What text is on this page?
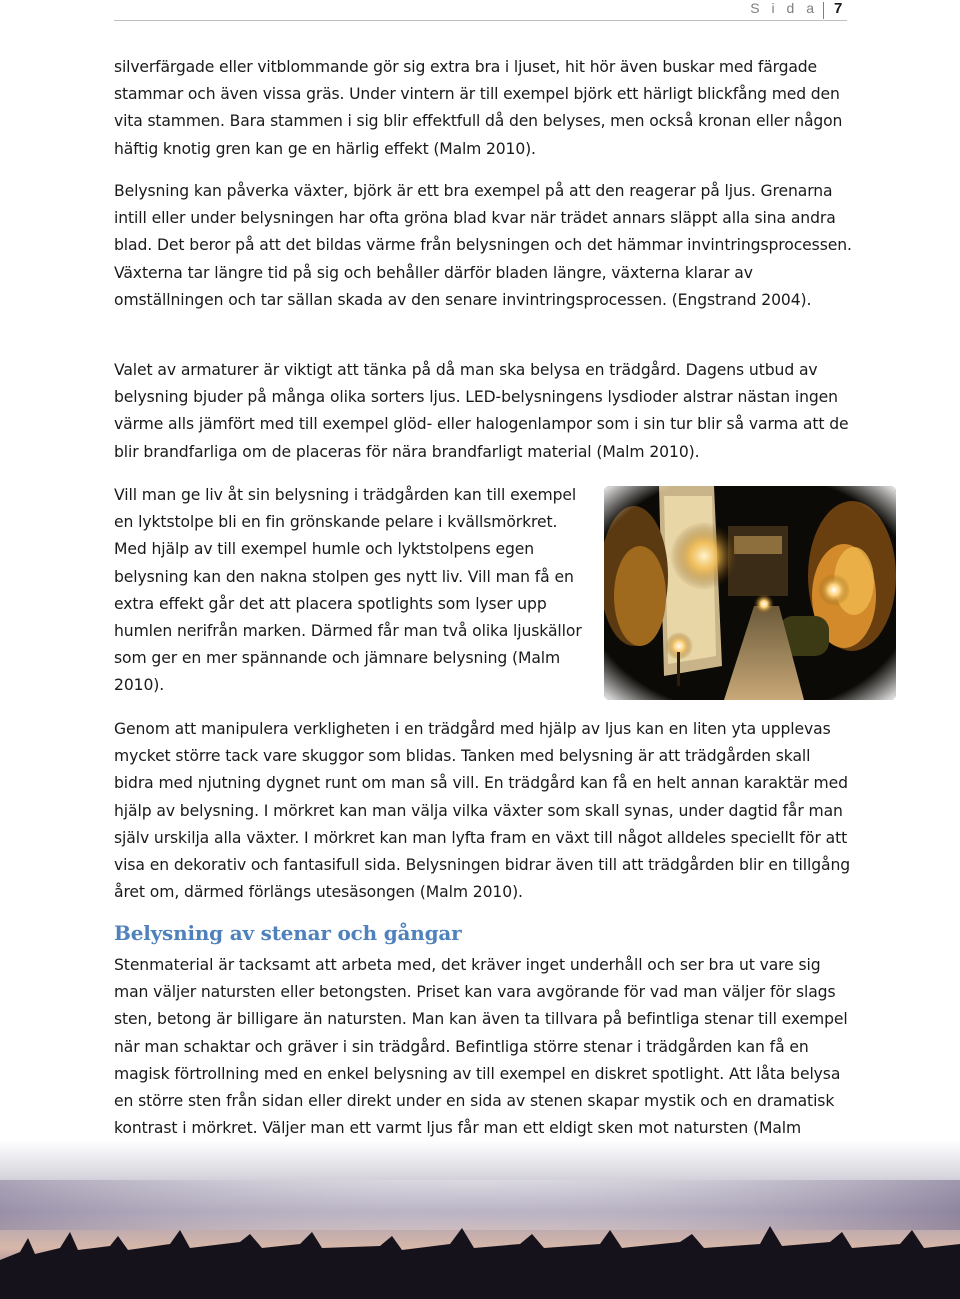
S i d a 7

silverfärgade eller vitblommande gör sig extra bra i ljuset, hit hör även buskar med färgade stammar och även vissa gräs. Under vintern är till exempel björk ett härligt blickfång med den vita stammen. Bara stammen i sig blir effektfull då den belyses, men också kronan eller någon häftig knotig gren kan ge en härlig effekt (Malm 2010).

Belysning kan påverka växter, björk är ett bra exempel på att den reagerar på ljus. Grenarna intill eller under belysningen har ofta gröna blad kvar när trädet annars släppt alla sina andra blad. Det beror på att det bildas värme från belysningen och det hämmar invintringsprocessen. Växterna tar längre tid på sig och behåller därför bladen längre, växterna klarar av omställningen och tar sällan skada av den senare invintringsprocessen. (Engstrand 2004).

Valet av armaturer är viktigt att tänka på då man ska belysa en trädgård. Dagens utbud av belysning bjuder på många olika sorters ljus. LED-belysningens lysdioder alstrar nästan ingen värme alls jämfört med till exempel glöd- eller halogenlampor som i sin tur blir så varma att de blir brandfarliga om de placeras för nära brandfarligt material (Malm 2010).

Vill man ge liv åt sin belysning i trädgården kan till exempel en lyktstolpe bli en fin grönskande pelare i kvällsmörkret. Med hjälp av till exempel humle och lyktstolpens egen belysning kan den nakna stolpen ges nytt liv. Vill man få en extra effekt går det att placera spotlights som lyser upp humlen nerifrån marken. Därmed får man två olika ljuskällor som ger en mer spännande och jämnare belysning (Malm 2010).

Genom att manipulera verkligheten i en trädgård med hjälp av ljus kan en liten yta upplevas mycket större tack vare skuggor som blidas. Tanken med belysning är att trädgården skall bidra med njutning dygnet runt om man så vill. En trädgård kan få en helt annan karaktär med hjälp av belysning. I mörkret kan man välja vilka växter som skall synas, under dagtid får man själv urskilja alla växter. I mörkret kan man lyfta fram en växt till något alldeles speciellt för att visa en dekorativ och fantasifull sida. Belysningen bidrar även till att trädgården blir en tillgång året om, därmed förlängs utesäsongen (Malm 2010).

Belysning av stenar och gångar

Stenmaterial är tacksamt att arbeta med, det kräver inget underhåll och ser bra ut vare sig man väljer natursten eller betongsten. Priset kan vara avgörande för vad man väljer för slags sten, betong är billigare än natursten. Man kan även ta tillvara på befintliga stenar till exempel när man schaktar och gräver i sin trädgård. Befintliga större stenar i trädgården kan få en magisk förtrollning med en enkel belysning av till exempel en diskret spotlight. Att låta belysa en större sten från sidan eller direkt under en sida av stenen skapar mystik och en dramatisk kontrast i mörkret. Väljer man ett varmt ljus får man ett eldigt sken mot natursten (Malm
